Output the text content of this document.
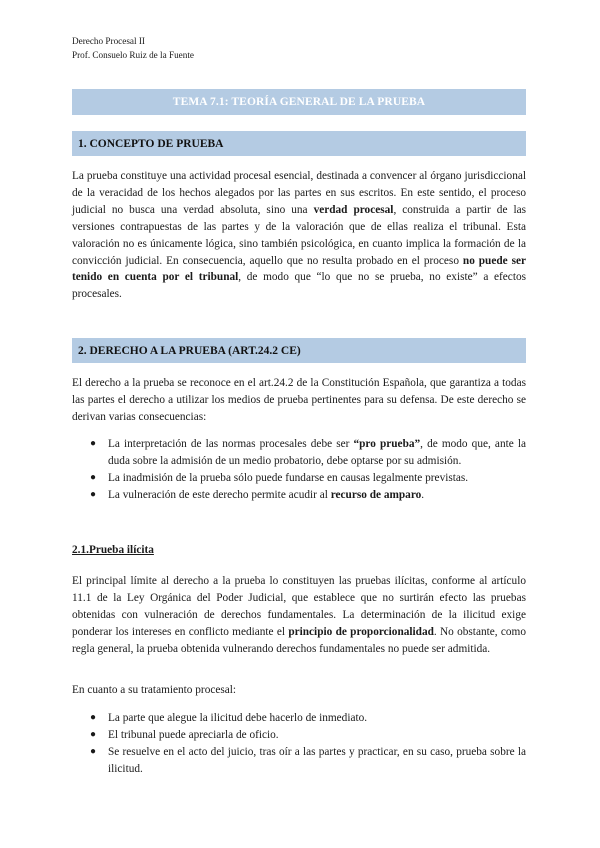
Derecho Procesal II
Prof. Consuelo Ruiz de la Fuente
TEMA 7.1: TEORÍA GENERAL DE LA PRUEBA
1. CONCEPTO DE PRUEBA

La prueba constituye una actividad procesal esencial, destinada a convencer al órgano jurisdiccional de la veracidad de los hechos alegados por las partes en sus escritos. En este sentido, el proceso judicial no busca una verdad absoluta, sino una verdad procesal, construida a partir de las versiones contrapuestas de las partes y de la valoración que de ellas realiza el tribunal. Esta valoración no es únicamente lógica, sino también psicológica, en cuanto implica la formación de la convicción judicial. En consecuencia, aquello que no resulta probado en el proceso no puede ser tenido en cuenta por el tribunal, de modo que “lo que no se prueba, no existe” a efectos procesales.

2. DERECHO A LA PRUEBA (ART.24.2 CE)

El derecho a la prueba se reconoce en el art.24.2 de la Constitución Española, que garantiza a todas las partes el derecho a utilizar los medios de prueba pertinentes para su defensa. De este derecho se derivan varias consecuencias:

● La interpretación de las normas procesales debe ser “pro prueba”, de modo que, ante la duda sobre la admisión de un medio probatorio, debe optarse por su admisión.
● La inadmisión de la prueba sólo puede fundarse en causas legalmente previstas.
● La vulneración de este derecho permite acudir al recurso de amparo.
2.1.Prueba ilícita

El principal límite al derecho a la prueba lo constituyen las pruebas ilícitas, conforme al artículo 11.1 de la Ley Orgánica del Poder Judicial, que establece que no surtirán efecto las pruebas obtenidas con vulneración de derechos fundamentales. La determinación de la ilicitud exige ponderar los intereses en conflicto mediante el principio de proporcionalidad. No obstante, como regla general, la prueba obtenida vulnerando derechos fundamentales no puede ser admitida.

En cuanto a su tratamiento procesal:

● La parte que alegue la ilicitud debe hacerlo de inmediato.
● El tribunal puede apreciarla de oficio.
● Se resuelve en el acto del juicio, tras oír a las partes y practicar, en su caso, prueba sobre la ilicitud.
